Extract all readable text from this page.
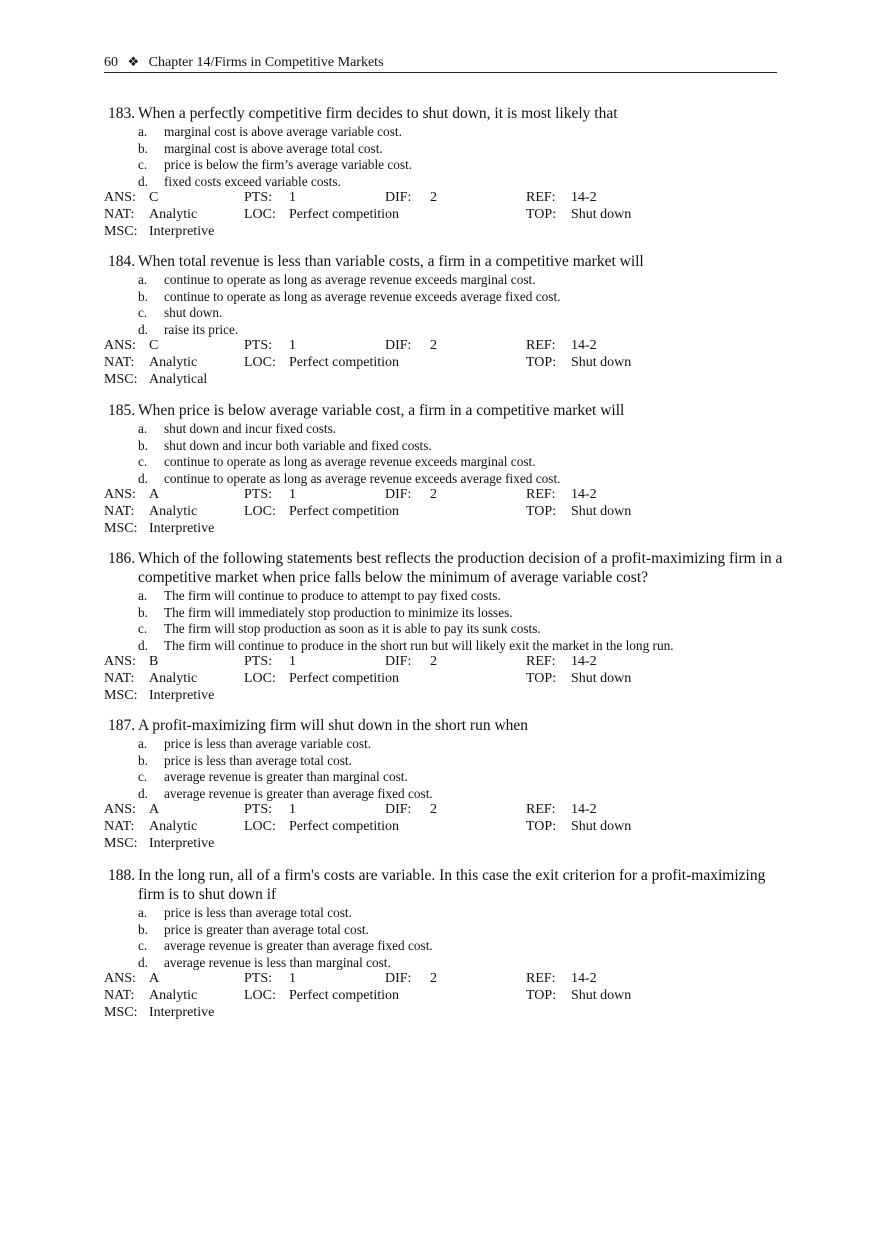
60 ❖ Chapter 14/Firms in Competitive Markets
183. When a perfectly competitive firm decides to shut down, it is most likely that
a. marginal cost is above average variable cost.
b. marginal cost is above average total cost.
c. price is below the firm’s average variable cost.
d. fixed costs exceed variable costs.
ANS: C	PTS: 1	DIF: 2	REF: 14-2
NAT: Analytic	LOC: Perfect competition	TOP: Shut down
MSC: Interpretive
184. When total revenue is less than variable costs, a firm in a competitive market will
a. continue to operate as long as average revenue exceeds marginal cost.
b. continue to operate as long as average revenue exceeds average fixed cost.
c. shut down.
d. raise its price.
ANS: C	PTS: 1	DIF: 2	REF: 14-2
NAT: Analytic	LOC: Perfect competition	TOP: Shut down
MSC: Analytical
185. When price is below average variable cost, a firm in a competitive market will
a. shut down and incur fixed costs.
b. shut down and incur both variable and fixed costs.
c. continue to operate as long as average revenue exceeds marginal cost.
d. continue to operate as long as average revenue exceeds average fixed cost.
ANS: A	PTS: 1	DIF: 2	REF: 14-2
NAT: Analytic	LOC: Perfect competition	TOP: Shut down
MSC: Interpretive
186. Which of the following statements best reflects the production decision of a profit-maximizing firm in a competitive market when price falls below the minimum of average variable cost?
a. The firm will continue to produce to attempt to pay fixed costs.
b. The firm will immediately stop production to minimize its losses.
c. The firm will stop production as soon as it is able to pay its sunk costs.
d. The firm will continue to produce in the short run but will likely exit the market in the long run.
ANS: B	PTS: 1	DIF: 2	REF: 14-2
NAT: Analytic	LOC: Perfect competition	TOP: Shut down
MSC: Interpretive
187. A profit-maximizing firm will shut down in the short run when
a. price is less than average variable cost.
b. price is less than average total cost.
c. average revenue is greater than marginal cost.
d. average revenue is greater than average fixed cost.
ANS: A	PTS: 1	DIF: 2	REF: 14-2
NAT: Analytic	LOC: Perfect competition	TOP: Shut down
MSC: Interpretive
188. In the long run, all of a firm's costs are variable. In this case the exit criterion for a profit-maximizing firm is to shut down if
a. price is less than average total cost.
b. price is greater than average total cost.
c. average revenue is greater than average fixed cost.
d. average revenue is less than marginal cost.
ANS: A	PTS: 1	DIF: 2	REF: 14-2
NAT: Analytic	LOC: Perfect competition	TOP: Shut down
MSC: Interpretive
